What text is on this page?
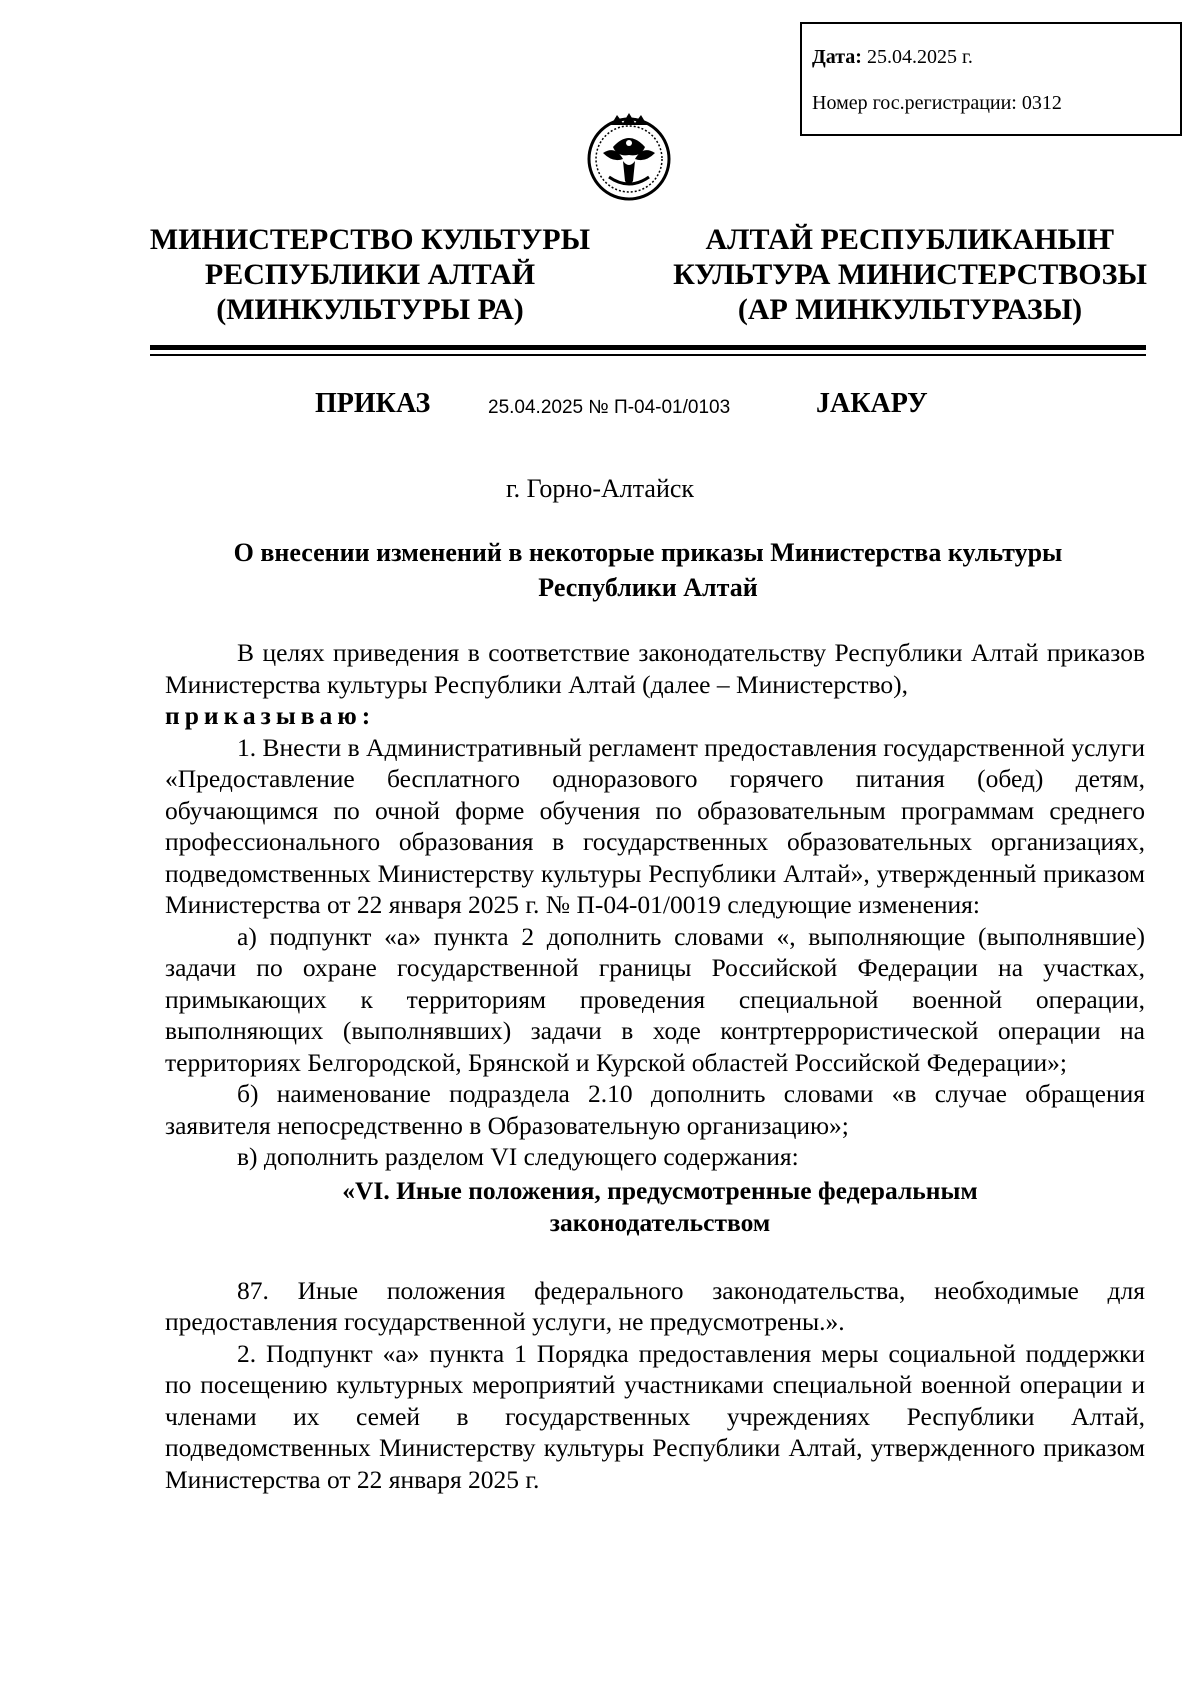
Дата: 25.04.2025 г.
Номер гос.регистрации: 0312
МИНИСТЕРСТВО КУЛЬТУРЫ
РЕСПУБЛИКИ АЛТАЙ
(МИНКУЛЬТУРЫ РА)
АЛТАЙ РЕСПУБЛИКАНЫҤ
КУЛЬТУРА МИНИСТЕРСТВОЗЫ
(АР МИНКУЛЬТУРАЗЫ)
ПРИКАЗ	25.04.2025 № П-04-01/0103	JАКАРУ
г. Горно-Алтайск
О внесении изменений в некоторые приказы Министерства культуры
Республики Алтай
В целях приведения в соответствие законодательству Республики Алтай приказов Министерства культуры Республики Алтай (далее – Министерство),
приказываю:
1. Внести в Административный регламент предоставления государственной услуги «Предоставление бесплатного одноразового горячего питания (обед) детям, обучающимся по очной форме обучения по образовательным программам среднего профессионального образования в государственных образовательных организациях, подведомственных Министерству культуры Республики Алтай», утвержденный приказом Министерства от 22 января 2025 г. № П-04-01/0019 следующие изменения:
а) подпункт «а» пункта 2 дополнить словами «, выполняющие (выполнявшие) задачи по охране государственной границы Российской Федерации на участках, примыкающих к территориям проведения специальной военной операции, выполняющих (выполнявших) задачи в ходе контртеррористической операции на территориях Белгородской, Брянской и Курской областей Российской Федерации»;
б) наименование подраздела 2.10 дополнить словами «в случае обращения заявителя непосредственно в Образовательную организацию»;
в) дополнить разделом VI следующего содержания:
«VI. Иные положения, предусмотренные федеральным
законодательством
87. Иные положения федерального законодательства, необходимые для предоставления государственной услуги, не предусмотрены.».
2. Подпункт «а» пункта 1 Порядка предоставления меры социальной поддержки по посещению культурных мероприятий участниками специальной военной операции и членами их семей в государственных учреждениях Республики Алтай, подведомственных Министерству культуры Республики Алтай, утвержденного приказом Министерства от 22 января 2025 г.
